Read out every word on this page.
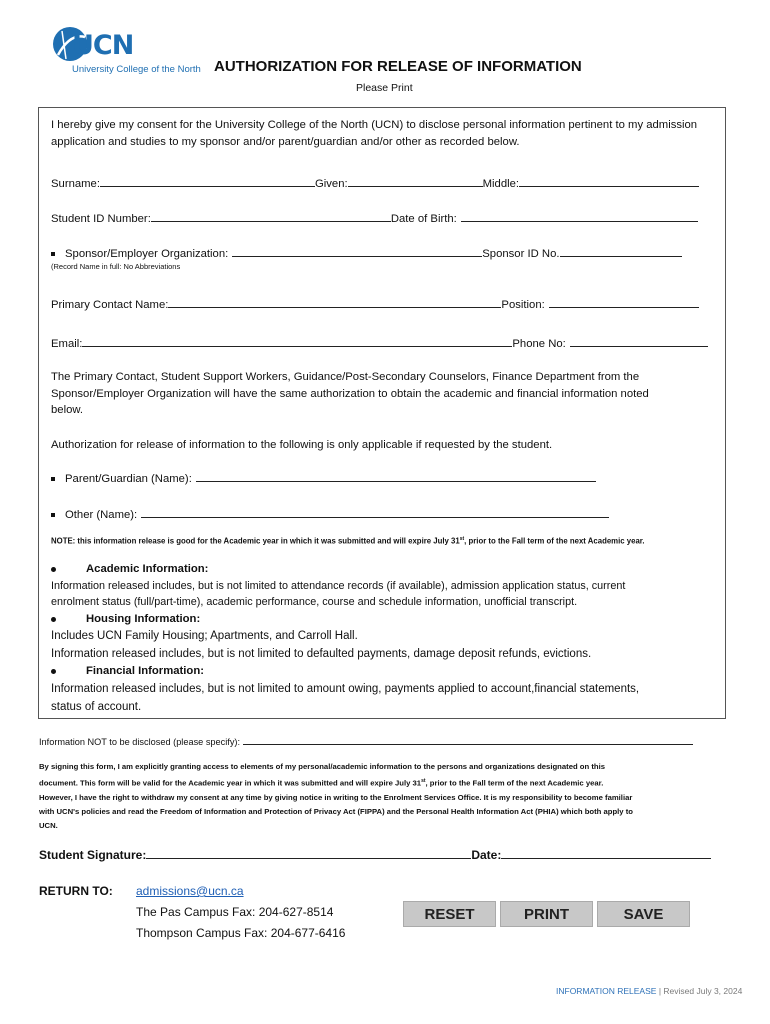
UCN
University College of the North AUTHORIZATION FOR RELEASE OF INFORMATION
Please Print
I hereby give my consent for the University College of the North (UCN) to disclose personal information pertinent to my admission
application and studies to my sponsor and/or parent/guardian and/or other as recorded below.
Surname:	Given:	Middle:
Student ID Number:	Date of Birth:
Sponsor/Employer Organization:	Sponsor ID No.
(Record Name in full: No Abbreviations
Primary Contact Name:	Position:
Email:	Phone No:
The Primary Contact, Student Support Workers, Guidance/Post-Secondary Counselors, Finance Department from the
Sponsor/Employer Organization will have the same authorization to obtain the academic and financial information noted
below.
Authorization for release of information to the following is only applicable if requested by the student.
Parent/Guardian (Name):
Other (Name):
NOTE: this information release is good for the Academic year in which it was submitted and will expire July 31st, prior to the Fall term of the next Academic year.
Academic Information:
Information released includes, but is not limited to attendance records (if available), admission application status, current
enrolment status (full/part-time), academic performance, course and schedule information, unofficial transcript.
Housing Information:
Includes UCN Family Housing; Apartments, and Carroll Hall.
Information released includes, but is not limited to defaulted payments, damage deposit refunds, evictions.
Financial Information:
Information released includes, but is not limited to amount owing, payments applied to account,financial statements,
status of account.
Information NOT to be disclosed (please specify):
By signing this form, I am explicitly granting access to elements of my personal/academic information to the persons and organizations designated on this
document. This form will be valid for the Academic year in which it was submitted and will expire July 31st, prior to the Fall term of the next Academic year.
However, I have the right to withdraw my consent at any time by giving notice in writing to the Enrolment Services Office. It is my responsibility to become familiar
with UCN's policies and read the Freedom of Information and Protection of Privacy Act (FIPPA) and the Personal Health Information Act (PHIA) which both apply to
UCN.
Student Signature:	Date:
RETURN TO: admissions@ucn.ca
The Pas Campus Fax: 204-627-8514
Thompson Campus Fax: 204-677-6416
RESET	PRINT	SAVE
INFORMATION RELEASE | Revised July 3, 2024
